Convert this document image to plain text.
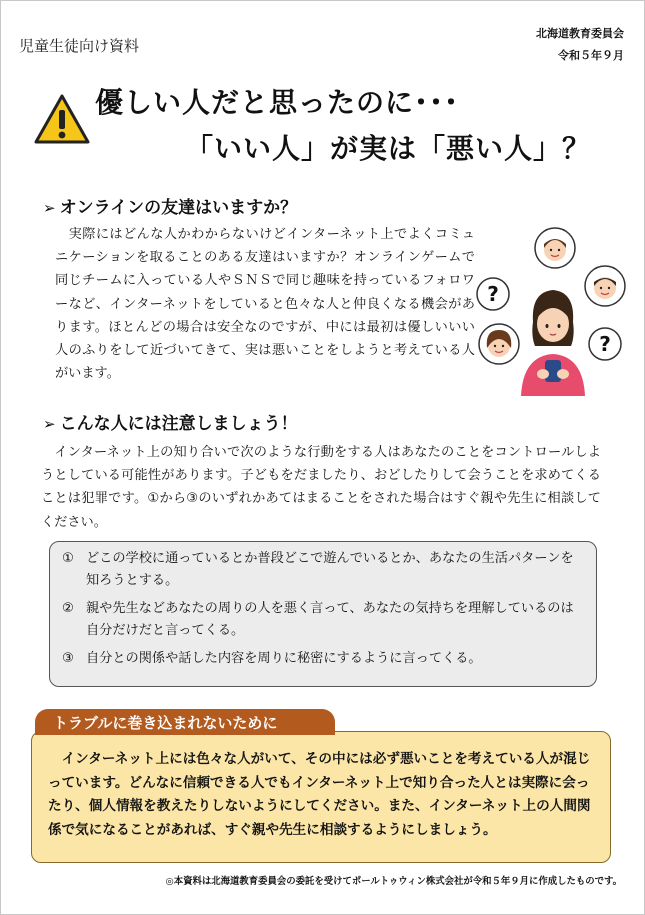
児童生徒向け資料
北海道教育委員会
令和５年９月
優しい人だと思ったのに･･･
「いい人」が実は「悪い人」？
➢ オンラインの友達はいますか？
　実際にはどんな人かわからないけどインターネット上でよくコミュニケーションを取ることのある友達はいますか？オンラインゲームで同じチームに入っている人やＳＮＳで同じ趣味を持っているフォロワーなど、インターネットをしていると色々な人と仲良くなる機会があります。ほとんどの場合は安全なのですが、中には最初は優しいいい人のふりをして近づいてきて、実は悪いことをしようと考えている人がいます。
?
?
➢ こんな人には注意しましょう！
　インターネット上の知り合いで次のような行動をする人はあなたのことをコントロールしようとしている可能性があります。子どもをだましたり、おどしたりして会うことを求めてくることは犯罪です。①から③のいずれかあてはまることをされた場合はすぐ親や先生に相談してください。
① どこの学校に通っているとか普段どこで遊んでいるとか、あなたの生活パターンを知ろうとする。
② 親や先生などあなたの周りの人を悪く言って、あなたの気持ちを理解しているのは自分だけだと言ってくる。
③ 自分との関係や話した内容を周りに秘密にするように言ってくる。
　インターネット上には色々な人がいて、その中には必ず悪いことを考えている人が混じっています。どんなに信頼できる人でもインターネット上で知り合った人とは実際に会ったり、個人情報を教えたりしないようにしてください。また、インターネット上の人間関係で気になることがあれば、すぐ親や先生に相談するようにしましょう。
トラブルに巻き込まれないために
◎本資料は北海道教育委員会の委託を受けてポールトゥウィン株式会社が令和５年９月に作成したものです。
